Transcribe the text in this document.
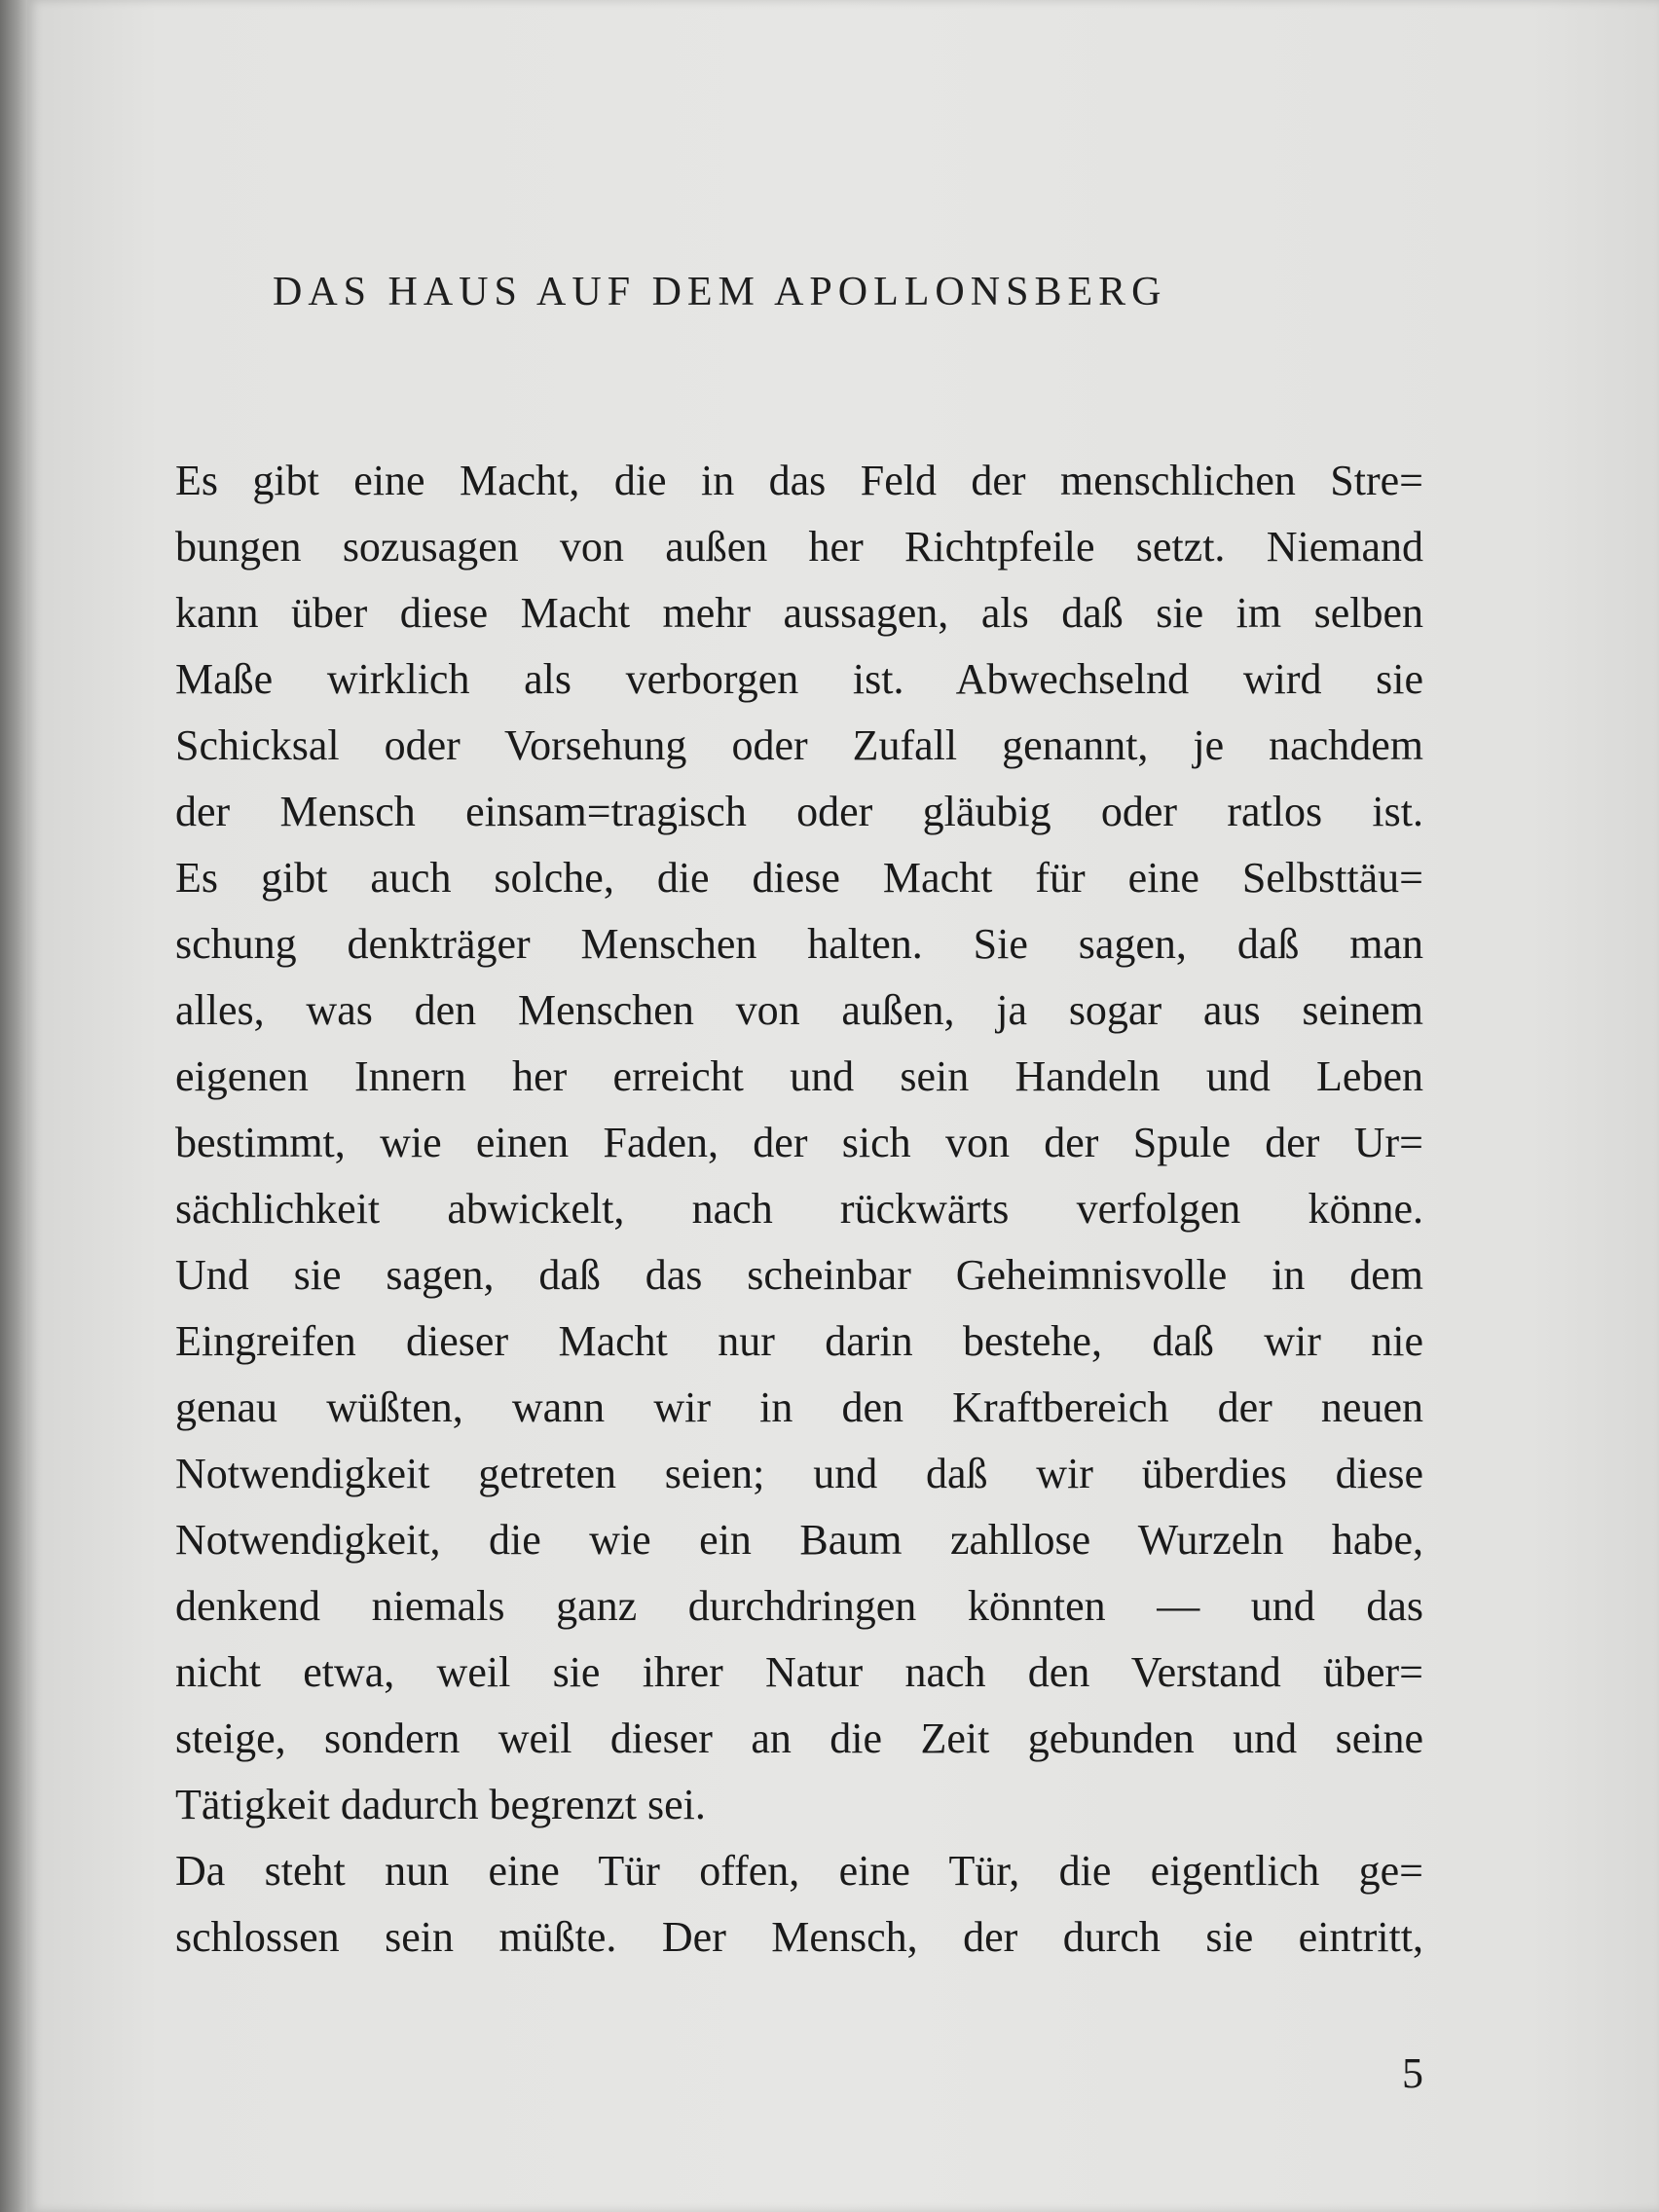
DAS HAUS AUF DEM APOLLONSBERG
Es gibt eine Macht, die in das Feld der menschlichen Stre=
bungen sozusagen von außen her Richtpfeile setzt. Niemand
kann über diese Macht mehr aussagen, als daß sie im selben
Maße wirklich als verborgen ist. Abwechselnd wird sie
Schicksal oder Vorsehung oder Zufall genannt, je nachdem
der Mensch einsam=tragisch oder gläubig oder ratlos ist.
Es gibt auch solche, die diese Macht für eine Selbsttäu=
schung denkträger Menschen halten. Sie sagen, daß man
alles, was den Menschen von außen, ja sogar aus seinem
eigenen Innern her erreicht und sein Handeln und Leben
bestimmt, wie einen Faden, der sich von der Spule der Ur=
sächlichkeit abwickelt, nach rückwärts verfolgen könne.
Und sie sagen, daß das scheinbar Geheimnisvolle in dem
Eingreifen dieser Macht nur darin bestehe, daß wir nie
genau wüßten, wann wir in den Kraftbereich der neuen
Notwendigkeit getreten seien; und daß wir überdies diese
Notwendigkeit, die wie ein Baum zahllose Wurzeln habe,
denkend niemals ganz durchdringen könnten — und das
nicht etwa, weil sie ihrer Natur nach den Verstand über=
steige, sondern weil dieser an die Zeit gebunden und seine
Tätigkeit dadurch begrenzt sei.
Da steht nun eine Tür offen, eine Tür, die eigentlich ge=
schlossen sein müßte. Der Mensch, der durch sie eintritt,
5
